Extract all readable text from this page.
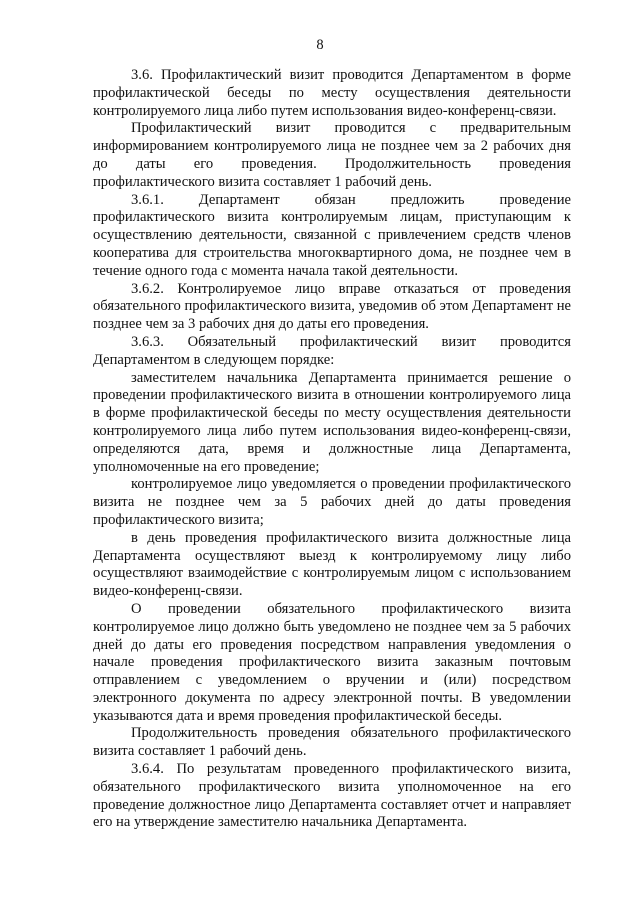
8

3.6. Профилактический визит проводится Департаментом в форме профилактической беседы по месту осуществления деятельности контролируемого лица либо путем использования видео-конференц-связи.

Профилактический визит проводится с предварительным информированием контролируемого лица не позднее чем за 2 рабочих дня до даты его проведения. Продолжительность проведения профилактического визита составляет 1 рабочий день.

3.6.1. Департамент обязан предложить проведение профилактического визита контролируемым лицам, приступающим к осуществлению деятельности, связанной с привлечением средств членов кооператива для строительства многоквартирного дома, не позднее чем в течение одного года с момента начала такой деятельности.

3.6.2. Контролируемое лицо вправе отказаться от проведения обязательного профилактического визита, уведомив об этом Департамент не позднее чем за 3 рабочих дня до даты его проведения.

3.6.3. Обязательный профилактический визит проводится Департаментом в следующем порядке:

заместителем начальника Департамента принимается решение о проведении профилактического визита в отношении контролируемого лица в форме профилактической беседы по месту осуществления деятельности контролируемого лица либо путем использования видео-конференц-связи, определяются дата, время и должностные лица Департамента, уполномоченные на его проведение;

контролируемое лицо уведомляется о проведении профилактического визита не позднее чем за 5 рабочих дней до даты проведения профилактического визита;

в день проведения профилактического визита должностные лица Департамента осуществляют выезд к контролируемому лицу либо осуществляют взаимодействие с контролируемым лицом с использованием видео-конференц-связи.

О проведении обязательного профилактического визита контролируемое лицо должно быть уведомлено не позднее чем за 5 рабочих дней до даты его проведения посредством направления уведомления о начале проведения профилактического визита заказным почтовым отправлением с уведомлением о вручении и (или) посредством электронного документа по адресу электронной почты. В уведомлении указываются дата и время проведения профилактической беседы.

Продолжительность проведения обязательного профилактического визита составляет 1 рабочий день.

3.6.4. По результатам проведенного профилактического визита, обязательного профилактического визита уполномоченное на его проведение должностное лицо Департамента составляет отчет и направляет его на утверждение заместителю начальника Департамента.
